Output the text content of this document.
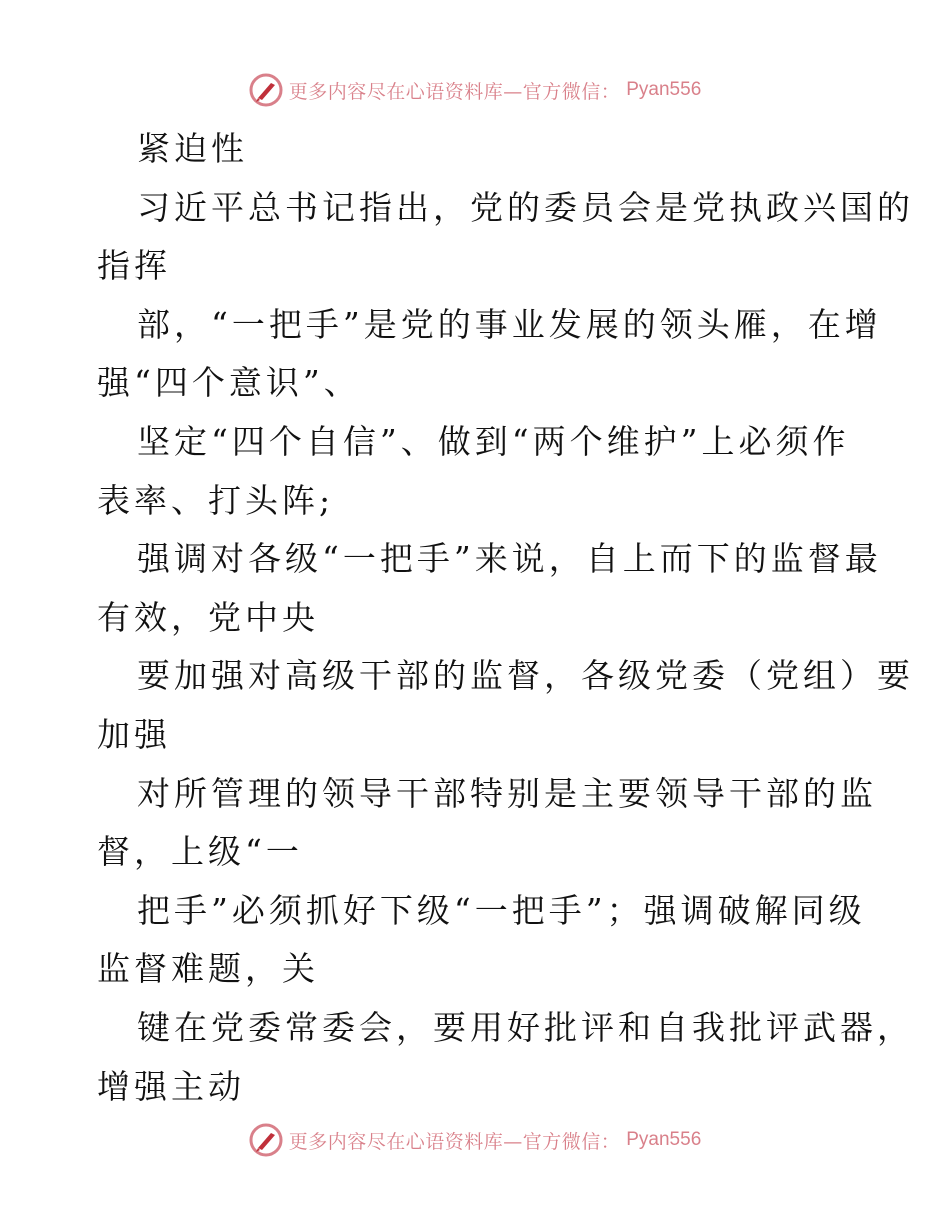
更多内容尽在心语资料库—官方微信： Pyan556
紧迫性
习近平总书记指出，党的委员会是党执政兴国的
指挥
部，“一把手”是党的事业发展的领头雁，在增
强“四个意识”、
坚定“四个自信”、做到“两个维护”上必须作
表率、打头阵;
强调对各级“一把手”来说，自上而下的监督最
有效，党中央
要加强对高级干部的监督，各级党委（党组）要
加强
对所管理的领导干部特别是主要领导干部的监
督，上级“一
把手”必须抓好下级“一把手”；强调破解同级
监督难题，关
键在党委常委会，要用好批评和自我批评武器，
增强主动
更多内容尽在心语资料库—官方微信： Pyan556
